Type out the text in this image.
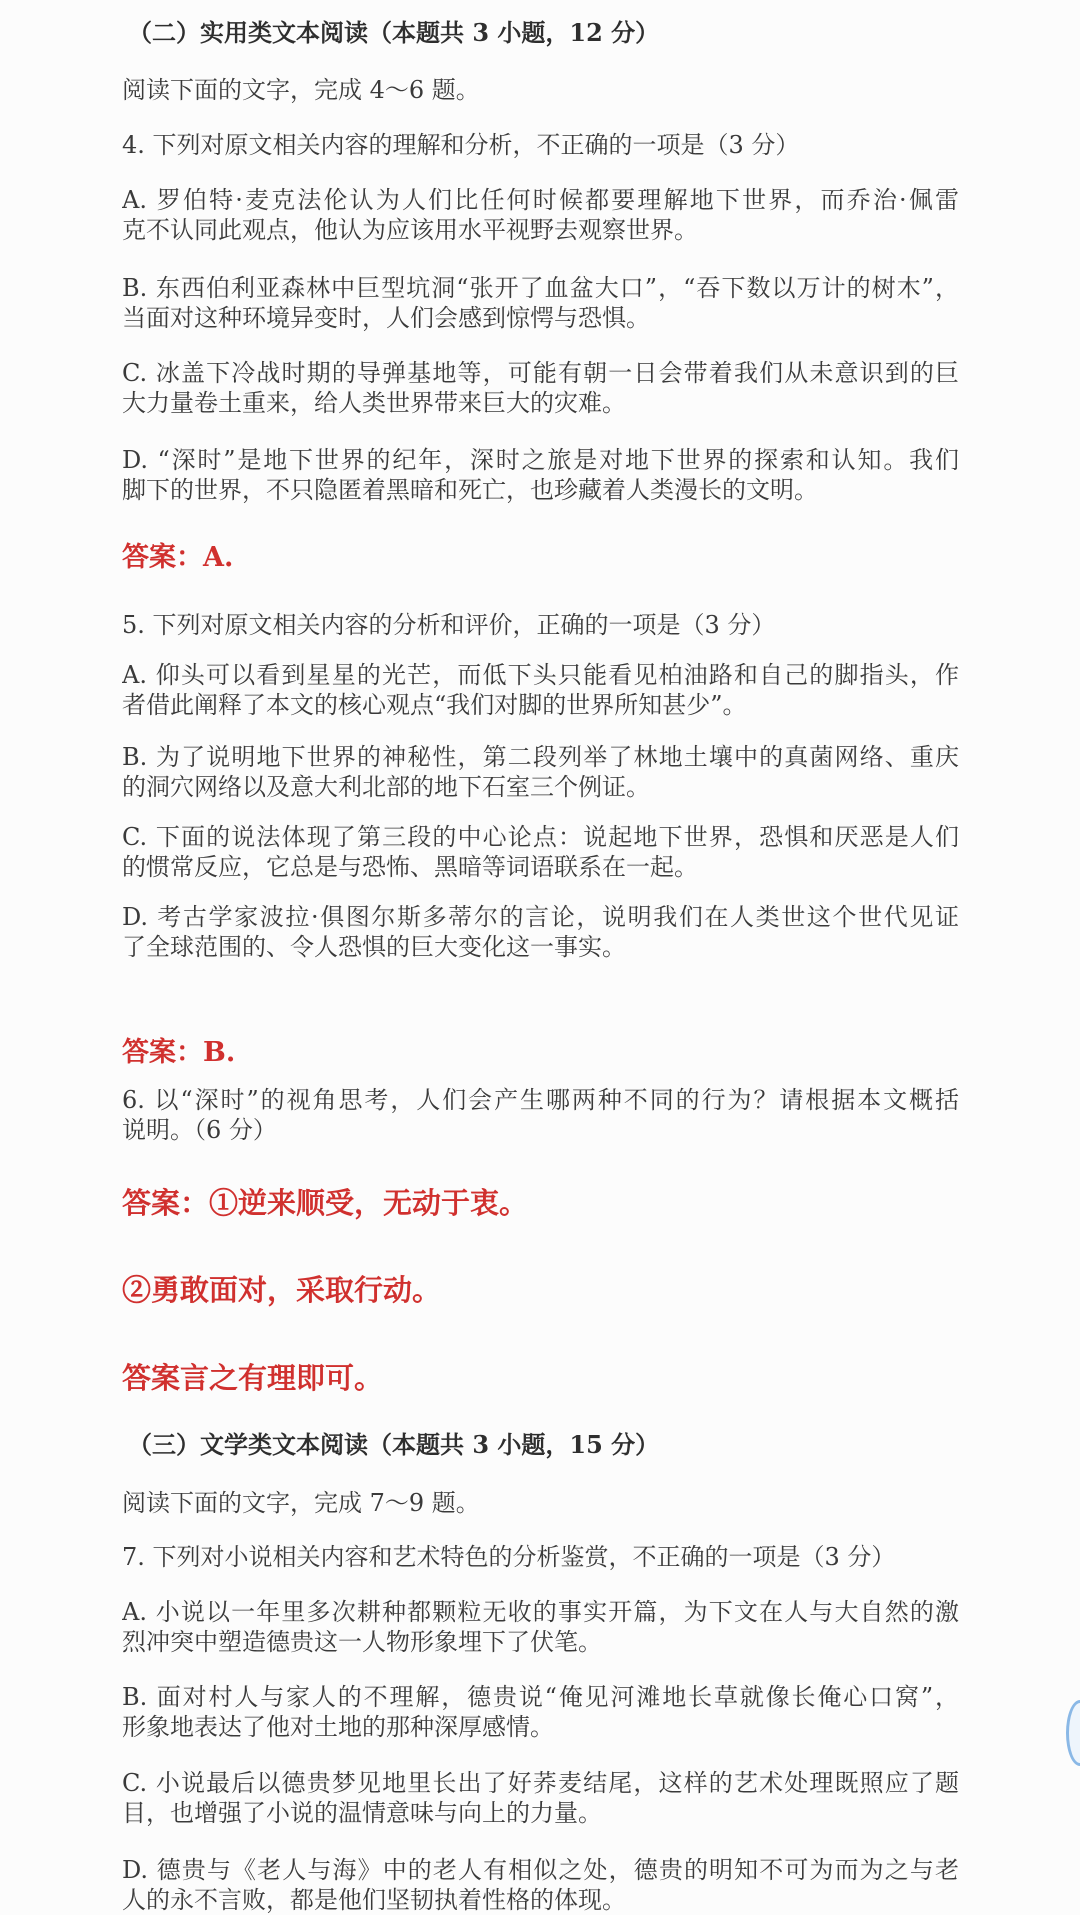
（二）实用类文本阅读（本题共 3 小题，12 分）
阅读下面的文字，完成 4～6 题。
4. 下列对原文相关内容的理解和分析，不正确的一项是（3 分）
A. 罗伯特·麦克法伦认为人们比任何时候都要理解地下世界，而乔治·佩雷
克不认同此观点，他认为应该用水平视野去观察世界。
B. 东西伯利亚森林中巨型坑洞“张开了血盆大口”，“吞下数以万计的树木”，
当面对这种环境异变时，人们会感到惊愕与恐惧。
C. 冰盖下冷战时期的导弹基地等，可能有朝一日会带着我们从未意识到的巨
大力量卷土重来，给人类世界带来巨大的灾难。
D. “深时”是地下世界的纪年，深时之旅是对地下世界的探索和认知。我们
脚下的世界，不只隐匿着黑暗和死亡，也珍藏着人类漫长的文明。
答案：A.
5. 下列对原文相关内容的分析和评价，正确的一项是（3 分）
A. 仰头可以看到星星的光芒，而低下头只能看见柏油路和自己的脚指头，作
者借此阐释了本文的核心观点“我们对脚的世界所知甚少”。
B. 为了说明地下世界的神秘性，第二段列举了林地土壤中的真菌网络、重庆
的洞穴网络以及意大利北部的地下石室三个例证。
C. 下面的说法体现了第三段的中心论点：说起地下世界，恐惧和厌恶是人们
的惯常反应，它总是与恐怖、黑暗等词语联系在一起。
D. 考古学家波拉·俱图尔斯多蒂尔的言论，说明我们在人类世这个世代见证
了全球范围的、令人恐惧的巨大变化这一事实。
答案：B.
6. 以“深时”的视角思考，人们会产生哪两种不同的行为？请根据本文概括
说明。（6 分）
答案：①逆来顺受，无动于衷。
②勇敢面对，采取行动。
答案言之有理即可。
（三）文学类文本阅读（本题共 3 小题，15 分）
阅读下面的文字，完成 7～9 题。
7. 下列对小说相关内容和艺术特色的分析鉴赏，不正确的一项是（3 分）
A. 小说以一年里多次耕种都颗粒无收的事实开篇，为下文在人与大自然的激
烈冲突中塑造德贵这一人物形象埋下了伏笔。
B. 面对村人与家人的不理解，德贵说“俺见河滩地长草就像长俺心口窝”，
形象地表达了他对土地的那种深厚感情。
C. 小说最后以德贵梦见地里长出了好荞麦结尾，这样的艺术处理既照应了题
目，也增强了小说的温情意味与向上的力量。
D. 德贵与《老人与海》中的老人有相似之处，德贵的明知不可为而为之与老
人的永不言败，都是他们坚韧执着性格的体现。
